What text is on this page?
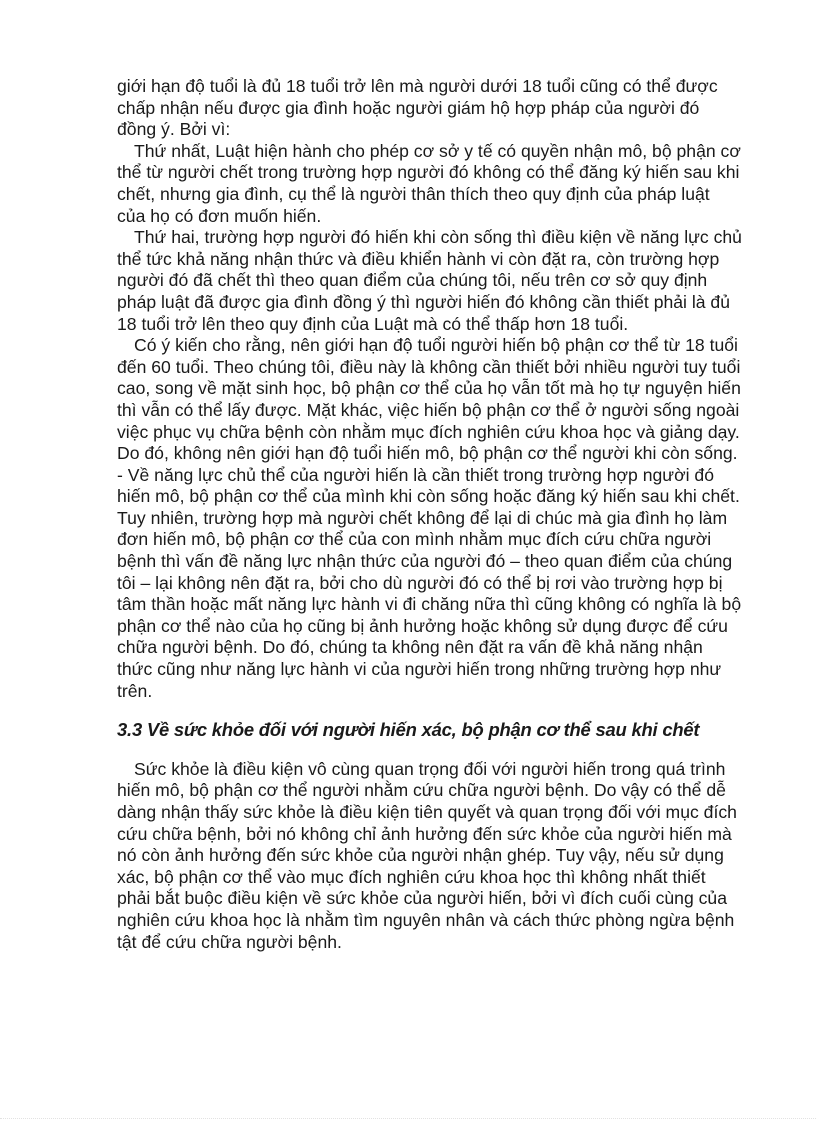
giới hạn độ tuổi là đủ 18 tuổi trở lên mà người dưới 18 tuổi cũng có thể được chấp nhận nếu được gia đình hoặc người giám hộ hợp pháp của người đó đồng ý. Bởi vì:

Thứ nhất, Luật hiện hành cho phép cơ sở y tế có quyền nhận mô, bộ phận cơ thể từ người chết trong trường hợp người đó không có thể đăng ký hiến sau khi chết, nhưng gia đình, cụ thể là người thân thích theo quy định của pháp luật của họ có đơn muốn hiến.

Thứ hai, trường hợp người đó hiến khi còn sống thì điều kiện về năng lực chủ thể tức khả năng nhận thức và điều khiển hành vi còn đặt ra, còn trường hợp người đó đã chết thì theo quan điểm của chúng tôi, nếu trên cơ sở quy định pháp luật đã được gia đình đồng ý thì người hiến đó không cần thiết phải là đủ 18 tuổi trở lên theo quy định của Luật mà có thể thấp hơn 18 tuổi.

Có ý kiến cho rằng, nên giới hạn độ tuổi người hiến bộ phận cơ thể từ 18 tuổi đến 60 tuổi. Theo chúng tôi, điều này là không cần thiết bởi nhiều người tuy tuổi cao, song về mặt sinh học, bộ phận cơ thể của họ vẫn tốt mà họ tự nguyện hiến thì vẫn có thể lấy được. Mặt khác, việc hiến bộ phận cơ thể ở người sống ngoài việc phục vụ chữa bệnh còn nhằm mục đích nghiên cứu khoa học và giảng dạy. Do đó, không nên giới hạn độ tuổi hiến mô, bộ phận cơ thể người khi còn sống.

- Về năng lực chủ thể của người hiến là cần thiết trong trường hợp người đó hiến mô, bộ phận cơ thể của mình khi còn sống hoặc đăng ký hiến sau khi chết. Tuy nhiên, trường hợp mà người chết không để lại di chúc mà gia đình họ làm đơn hiến mô, bộ phận cơ thể của con mình nhằm mục đích cứu chữa người bệnh thì vấn đề năng lực nhận thức của người đó – theo quan điểm của chúng tôi – lại không nên đặt ra, bởi cho dù người đó có thể bị rơi vào trường hợp bị tâm thần hoặc mất năng lực hành vi đi chăng nữa thì cũng không có nghĩa là bộ phận cơ thể nào của họ cũng bị ảnh hưởng hoặc không sử dụng được để cứu chữa người bệnh. Do đó, chúng ta không nên đặt ra vấn đề khả năng nhận thức cũng như năng lực hành vi của người hiến trong những trường hợp như trên.

3.3 Về sức khỏe đối với người hiến xác, bộ phận cơ thể sau khi chết

Sức khỏe là điều kiện vô cùng quan trọng đối với người hiến trong quá trình hiến mô, bộ phận cơ thể người nhằm cứu chữa người bệnh. Do vậy có thể dễ dàng nhận thấy sức khỏe là điều kiện tiên quyết và quan trọng đối với mục đích cứu chữa bệnh, bởi nó không chỉ ảnh hưởng đến sức khỏe của người hiến mà nó còn ảnh hưởng đến sức khỏe của người nhận ghép. Tuy vậy, nếu sử dụng xác, bộ phận cơ thể vào mục đích nghiên cứu khoa học thì không nhất thiết phải bắt buộc điều kiện về sức khỏe của người hiến, bởi vì đích cuối cùng của nghiên cứu khoa học là nhằm tìm nguyên nhân và cách thức phòng ngừa bệnh tật để cứu chữa người bệnh.
